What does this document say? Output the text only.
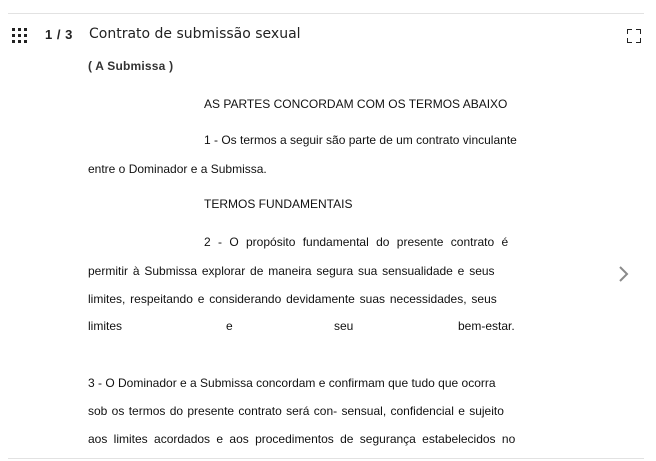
1 / 3 Contrato de submissão sexual
( A Submissa )
AS PARTES CONCORDAM COM OS TERMOS ABAIXO
1 - Os termos a seguir são parte de um contrato vinculante
entre o Dominador e a Submissa.
TERMOS FUNDAMENTAIS
2 - O propósito fundamental do presente contrato é
permitir à Submissa explorar de maneira segura sua sensualidade e seus
limites, respeitando e considerando devidamente suas necessidades, seus
limites	e	seu	bem-estar.
3 - O Dominador e a Submissa concordam e confirmam que tudo que ocorra
sob os termos do presente contrato será con- sensual, confidencial e sujeito
aos limites acordados e aos procedimentos de segurança estabelecidos no
